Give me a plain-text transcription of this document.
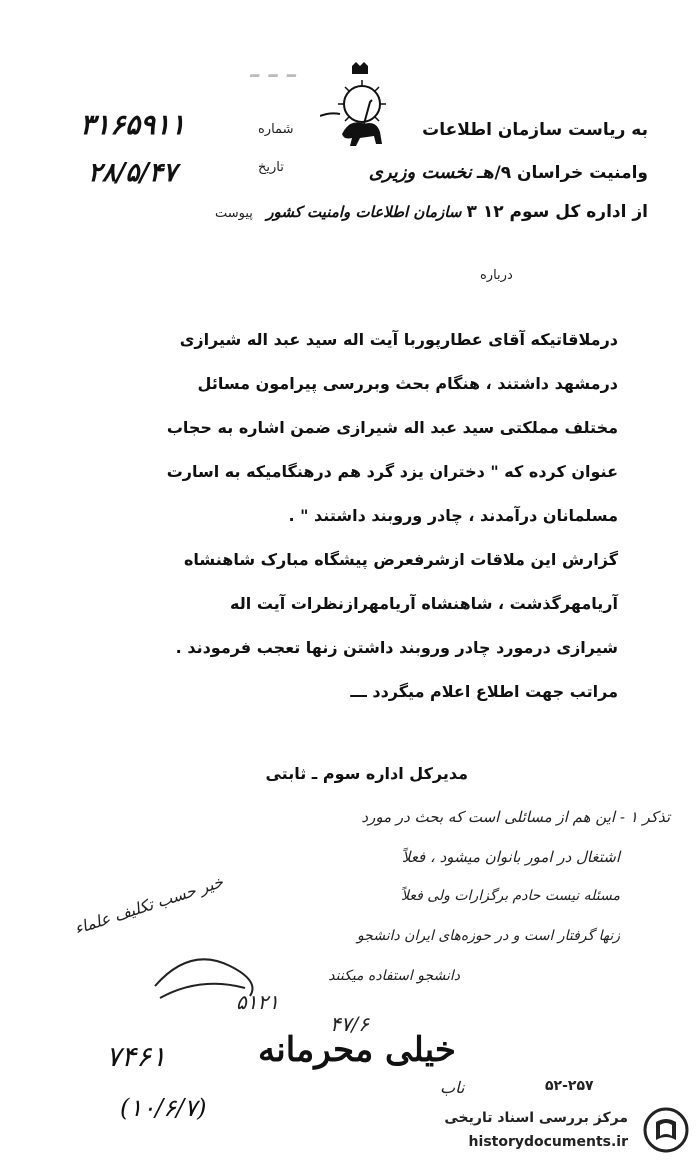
ـ ـ ـ
به ریاست سازمان اطلاعات
وامنیت خراسان ۹/هـ نخست وزیری
از اداره کل سوم ۱۲ ۳ سازمان اطلاعات وامنیت کشور
شماره
۳۱۶۵۹۱۱
تاریخ
۲۸/۵/۴۷
پیوست
درباره
درملاقاتیکه آقای عطارپوربا آیت اله سید عبد اله شیرازی
درمشهد داشتند ، هنگام بحث وبررسی پیرامون مسائل
مختلف مملکتی سید عبد اله شیرازی ضمن اشاره به حجاب
عنوان کرده که " دختران یزد گرد هم درهنگامیکه به اسارت
مسلمانان درآمدند ، چادر وروبند داشتند " .
گزارش این ملاقات ازشرفعرض پیشگاه مبارک شاهنشاه
آریامهرگذشت ، شاهنشاه آریامهرازنظرات آیت اله
شیرازی درمورد چادر وروبند داشتن زنها تعجب فرمودند .
مراتب جهت اطلاع اعلام میگردد ـــ
مدیرکل اداره سوم ـ ثابتی
تذکر ۱ - این هم از مسائلی است که بحث در مورد
اشتغال در امور بانوان میشود ، فعلاً
مسئله نیست حادم برگزارات ولی فعلاً
زنها گرفتار است و در حوزه‌های ایران دانشجو
دانشجو استفاده میکنند
خیر حسب تکلیف علماء
۵۱۲۱
۴۷/۶
خیلی محرمانه
۷۴۶۱
(۱۰/۶/۷)
ناب	۵۲-۲۵۷
مرکز بررسی اسناد تاریخی
historydocuments.ir
